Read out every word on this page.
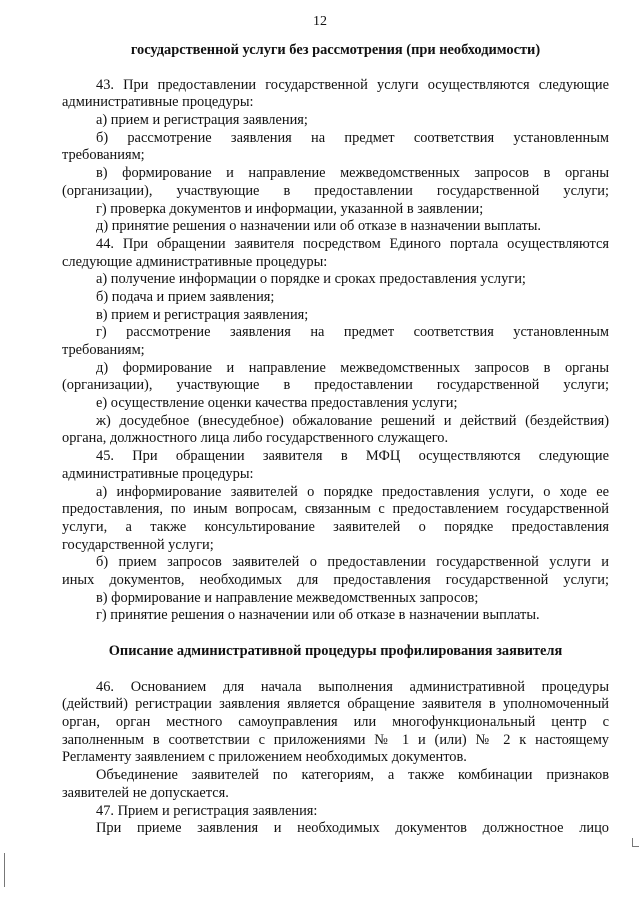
12
государственной услуги без рассмотрения (при необходимости)
43. При предоставлении государственной услуги осуществляются следующие
административные процедуры:
а) прием и регистрация заявления;
б) рассмотрение заявления на предмет соответствия установленным
требованиям;
в) формирование и направление межведомственных запросов в органы
(организации), участвующие в предоставлении государственной услуги;
г) проверка документов и информации, указанной в заявлении;
д) принятие решения о назначении или об отказе в назначении выплаты.
44. При обращении заявителя посредством Единого портала осуществляются
следующие административные процедуры:
а) получение информации о порядке и сроках предоставления услуги;
б) подача и прием заявления;
в) прием и регистрация заявления;
г) рассмотрение заявления на предмет соответствия установленным
требованиям;
д) формирование и направление межведомственных запросов в органы
(организации), участвующие в предоставлении государственной услуги;
е) осуществление оценки качества предоставления услуги;
ж) досудебное (внесудебное) обжалование решений и действий (бездействия)
органа, должностного лица либо государственного служащего.
45. При обращении заявителя в МФЦ осуществляются следующие
административные процедуры:
а) информирование заявителей о порядке предоставления услуги, о ходе ее
предоставления, по иным вопросам, связанным с предоставлением государственной
услуги, а также консультирование заявителей о порядке предоставления
государственной услуги;
б) прием запросов заявителей о предоставлении государственной услуги и
иных документов, необходимых для предоставления государственной услуги;
в) формирование и направление межведомственных запросов;
г) принятие решения о назначении или об отказе в назначении выплаты.
Описание административной процедуры профилирования заявителя
46. Основанием для начала выполнения административной процедуры
(действий) регистрации заявления является обращение заявителя в уполномоченный
орган, орган местного самоуправления или многофункциональный центр с
заполненным в соответствии с приложениями № 1 и (или) № 2 к настоящему
Регламенту заявлением с приложением необходимых документов.
Объединение заявителей по категориям, а также комбинации признаков
заявителей не допускается.
47. Прием и регистрация заявления:
При приеме заявления и необходимых документов должностное лицо
